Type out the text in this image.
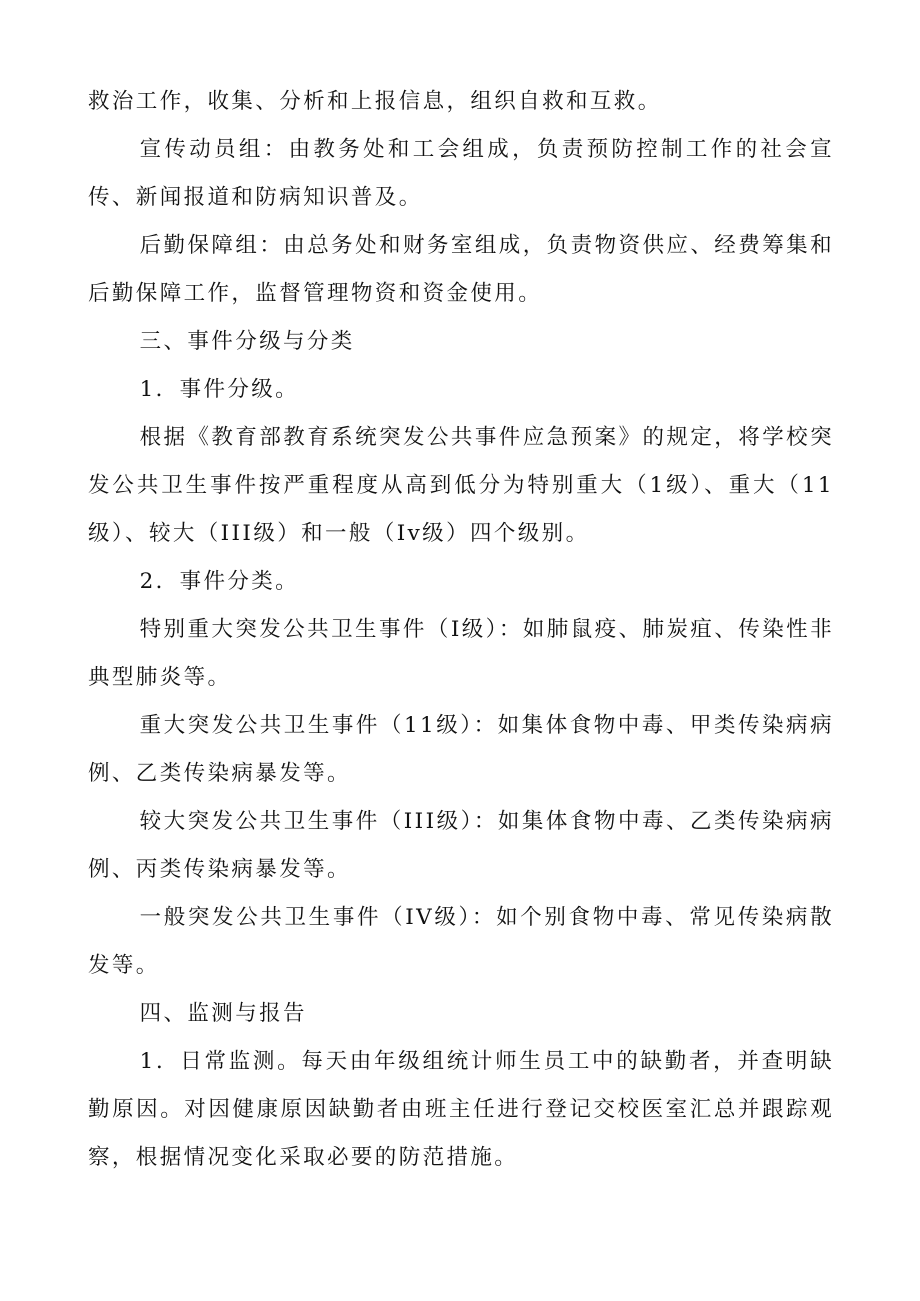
救治工作，收集、分析和上报信息，组织自救和互救。

宣传动员组：由教务处和工会组成，负责预防控制工作的社会宣传、新闻报道和防病知识普及。

后勤保障组：由总务处和财务室组成，负责物资供应、经费筹集和后勤保障工作，监督管理物资和资金使用。

三、事件分级与分类

1．事件分级。

根据《教育部教育系统突发公共事件应急预案》的规定，将学校突发公共卫生事件按严重程度从高到低分为特别重大（1级）、重大（11级）、较大（III级）和一般（Iv级）四个级别。

2．事件分类。

特别重大突发公共卫生事件（I级）：如肺鼠疫、肺炭疽、传染性非典型肺炎等。

重大突发公共卫生事件（11级）：如集体食物中毒、甲类传染病病例、乙类传染病暴发等。

较大突发公共卫生事件（III级）：如集体食物中毒、乙类传染病病例、丙类传染病暴发等。

一般突发公共卫生事件（IV级）：如个别食物中毒、常见传染病散发等。

四、监测与报告

1．日常监测。每天由年级组统计师生员工中的缺勤者，并查明缺勤原因。对因健康原因缺勤者由班主任进行登记交校医室汇总并跟踪观察，根据情况变化采取必要的防范措施。
